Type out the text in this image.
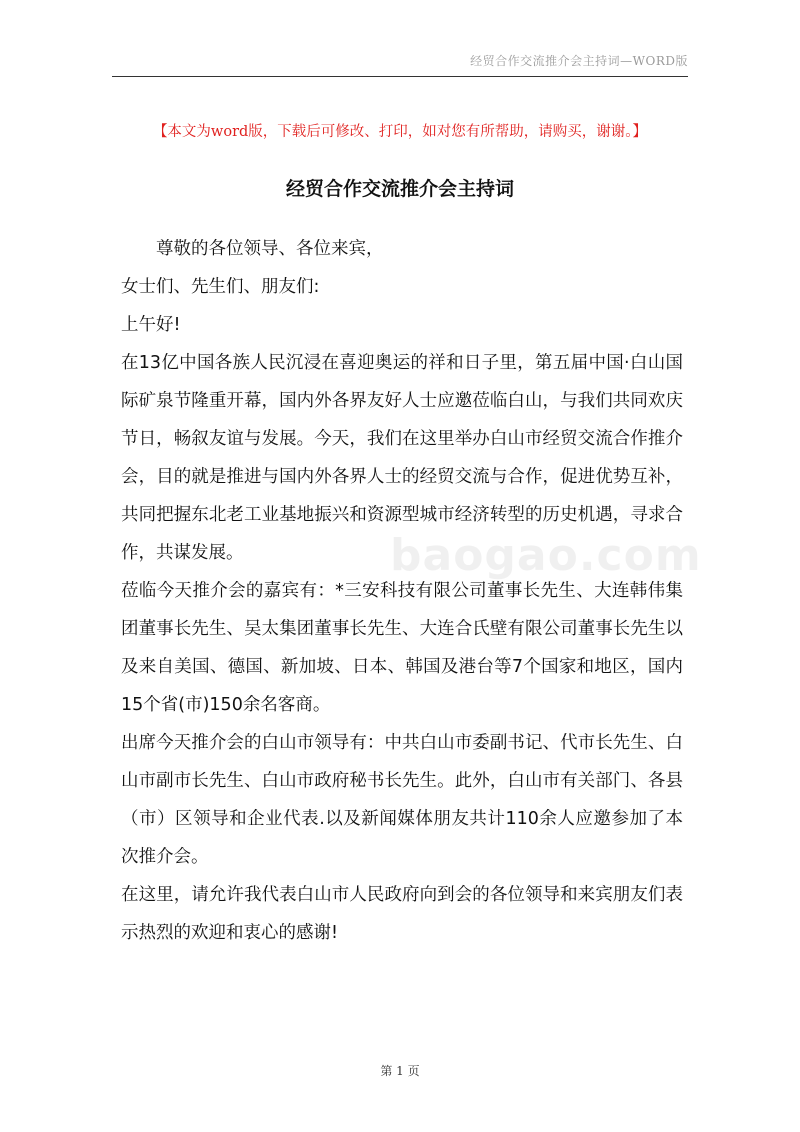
经贸合作交流推介会主持词—WORD版
【本文为word版，下载后可修改、打印，如对您有所帮助，请购买，谢谢。】
经贸合作交流推介会主持词

尊敬的各位领导、各位来宾，

女士们、先生们、朋友们:

上午好!

在13亿中国各族人民沉浸在喜迎奥运的祥和日子里，第五届中国·白山国际矿泉节隆重开幕，国内外各界友好人士应邀莅临白山，与我们共同欢庆节日，畅叙友谊与发展。今天，我们在这里举办白山市经贸交流合作推介会，目的就是推进与国内外各界人士的经贸交流与合作，促进优势互补，共同把握东北老工业基地振兴和资源型城市经济转型的历史机遇，寻求合作，共谋发展。

莅临今天推介会的嘉宾有：*三安科技有限公司董事长先生、大连韩伟集团董事长先生、吴太集团董事长先生、大连合氏壁有限公司董事长先生以及来自美国、德国、新加坡、日本、韩国及港台等7个国家和地区，国内15个省(市)150余名客商。

出席今天推介会的白山市领导有：中共白山市委副书记、代市长先生、白山市副市长先生、白山市政府秘书长先生。此外，白山市有关部门、各县（市）区领导和企业代表.以及新闻媒体朋友共计110余人应邀参加了本次推介会。

在这里，请允许我代表白山市人民政府向到会的各位领导和来宾朋友们表示热烈的欢迎和衷心的感谢!

baogao.com
第 1 页
